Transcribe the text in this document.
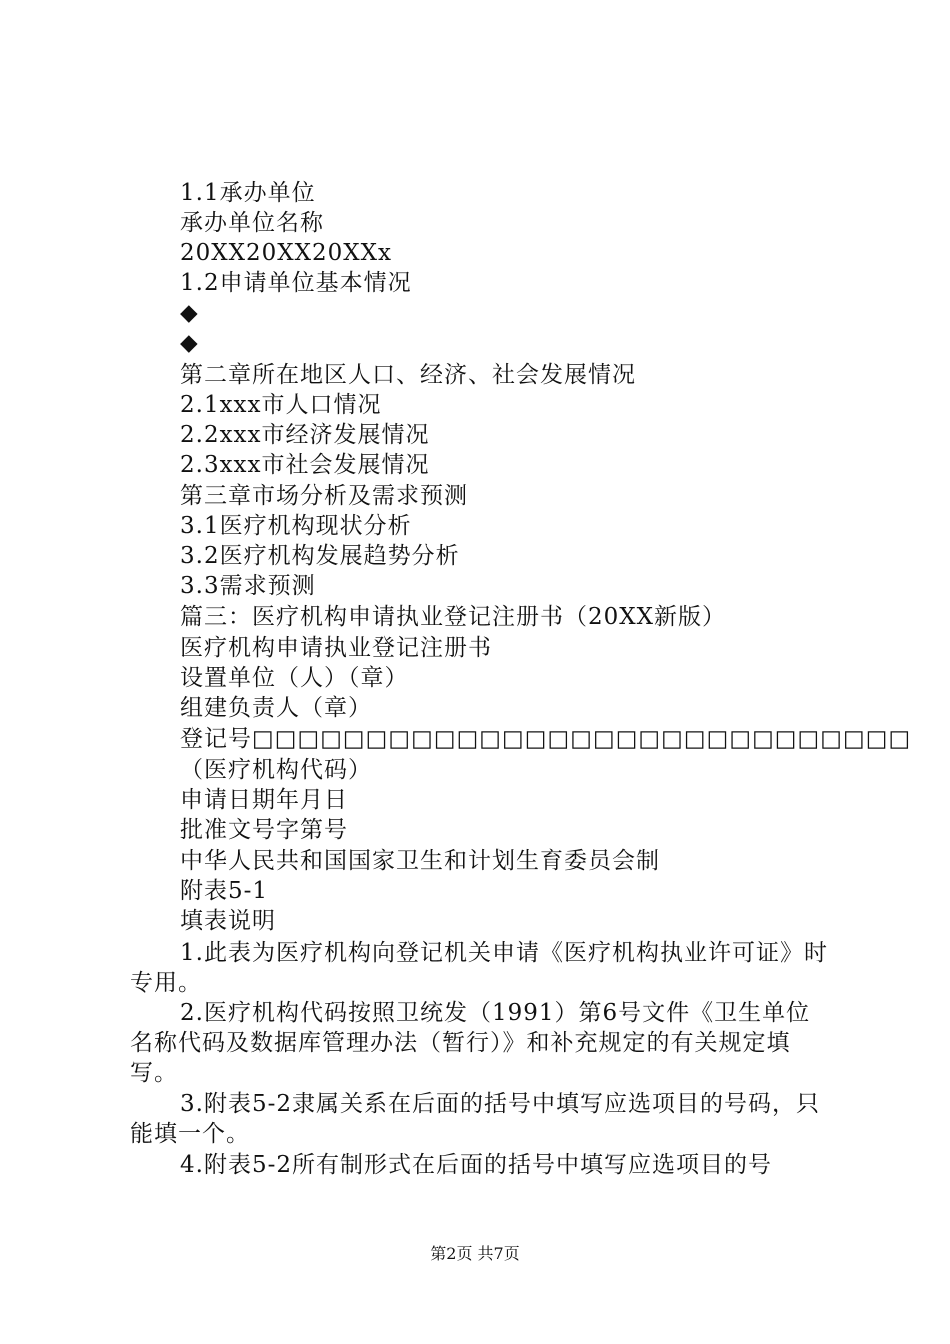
1.1承办单位
承办单位名称
20XX20XX20XXx
1.2申请单位基本情况
◆
◆
第二章所在地区人口、经济、社会发展情况
2.1xxx市人口情况
2.2xxx市经济发展情况
2.3xxx市社会发展情况
第三章市场分析及需求预测
3.1医疗机构现状分析
3.2医疗机构发展趋势分析
3.3需求预测
篇三：医疗机构申请执业登记注册书（20XX新版）
医疗机构申请执业登记注册书
设置单位（人）（章）
组建负责人（章）
登记号□□□□□□□□□□□□□□□□□□□□□□□□□□□□□
（医疗机构代码）
申请日期年月日
批准文号字第号
中华人民共和国国家卫生和计划生育委员会制
附表5-1
填表说明
1.此表为医疗机构向登记机关申请《医疗机构执业许可证》时专用。
2.医疗机构代码按照卫统发（1991）第6号文件《卫生单位名称代码及数据库管理办法（暂行）》和补充规定的有关规定填写。
3.附表5-2隶属关系在后面的括号中填写应选项目的号码，只能填一个。
4.附表5-2所有制形式在后面的括号中填写应选项目的号
第2页 共7页
